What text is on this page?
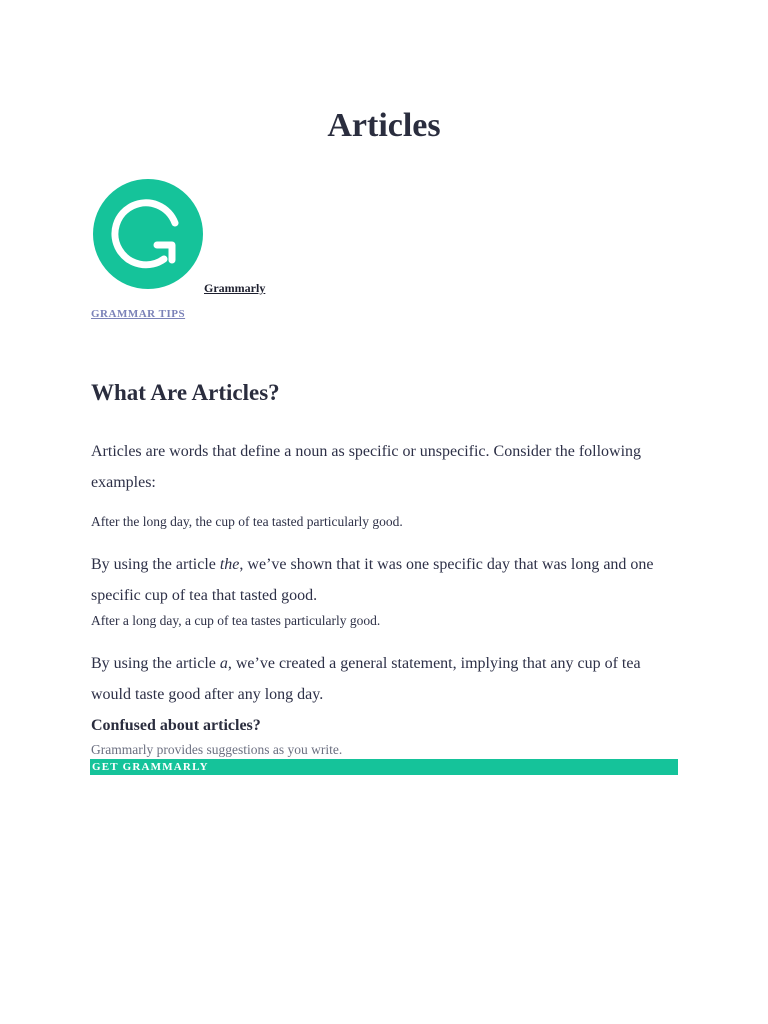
Articles
Grammarly
GRAMMAR TIPS
What Are Articles?
Articles are words that define a noun as specific or unspecific. Consider the following examples:
After the long day, the cup of tea tasted particularly good.
By using the article the, we’ve shown that it was one specific day that was long and one specific cup of tea that tasted good.
After a long day, a cup of tea tastes particularly good.
By using the article a, we’ve created a general statement, implying that any cup of tea would taste good after any long day.
Confused about articles?
Grammarly provides suggestions as you write.
GET GRAMMARLY
